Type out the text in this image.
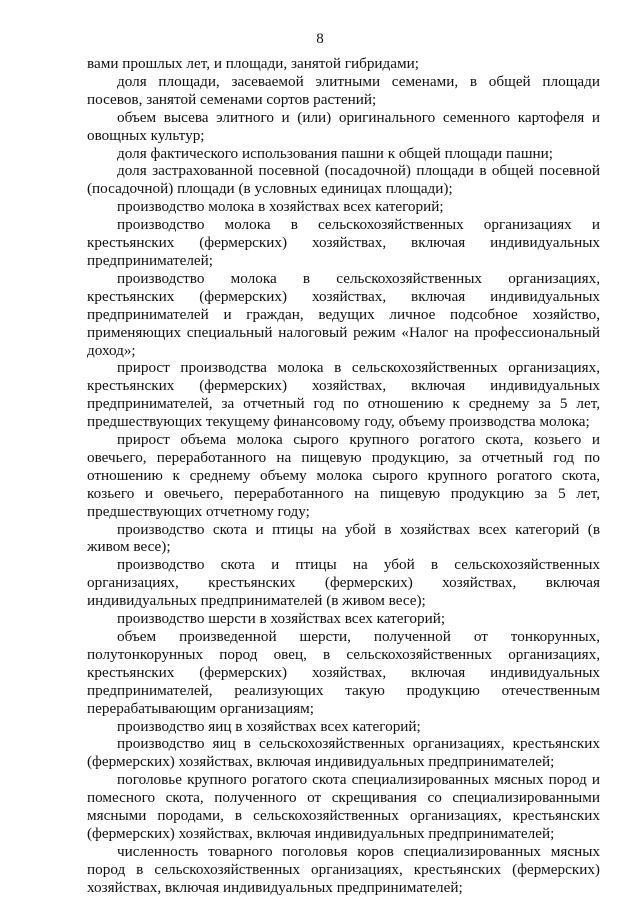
8

вами прошлых лет, и площади, занятой гибридами;

доля площади, засеваемой элитными семенами, в общей площади посевов, занятой семенами сортов растений;

объем высева элитного и (или) оригинального семенного картофеля и овощных культур;

доля фактического использования пашни к общей площади пашни;

доля застрахованной посевной (посадочной) площади в общей посевной (посадочной) площади (в условных единицах площади);

производство молока в хозяйствах всех категорий;

производство молока в сельскохозяйственных организациях и крестьянских (фермерских) хозяйствах, включая индивидуальных предпринимателей;

производство молока в сельскохозяйственных организациях, крестьянских (фермерских) хозяйствах, включая индивидуальных предпринимателей и граждан, ведущих личное подсобное хозяйство, применяющих специальный налоговый режим «Налог на профессиональный доход»;

прирост производства молока в сельскохозяйственных организациях, крестьянских (фермерских) хозяйствах, включая индивидуальных предпринимателей, за отчетный год по отношению к среднему за 5 лет, предшествующих текущему финансовому году, объему производства молока;

прирост объема молока сырого крупного рогатого скота, козьего и овечьего, переработанного на пищевую продукцию, за отчетный год по отношению к среднему объему молока сырого крупного рогатого скота, козьего и овечьего, переработанного на пищевую продукцию за 5 лет, предшествующих отчетному году;

производство скота и птицы на убой в хозяйствах всех категорий (в живом весе);

производство скота и птицы на убой в сельскохозяйственных организациях, крестьянских (фермерских) хозяйствах, включая индивидуальных предпринимателей (в живом весе);

производство шерсти в хозяйствах всех категорий;

объем произведенной шерсти, полученной от тонкорунных, полутонкорунных пород овец, в сельскохозяйственных организациях, крестьянских (фермерских) хозяйствах, включая индивидуальных предпринимателей, реализующих такую продукцию отечественным перерабатывающим организациям;

производство яиц в хозяйствах всех категорий;

производство яиц в сельскохозяйственных организациях, крестьянских (фермерских) хозяйствах, включая индивидуальных предпринимателей;

поголовье крупного рогатого скота специализированных мясных пород и помесного скота, полученного от скрещивания со специализированными мясными породами, в сельскохозяйственных организациях, крестьянских (фермерских) хозяйствах, включая индивидуальных предпринимателей;

численность товарного поголовья коров специализированных мясных пород в сельскохозяйственных организациях, крестьянских (фермерских) хозяйствах, включая индивидуальных предпринимателей;
